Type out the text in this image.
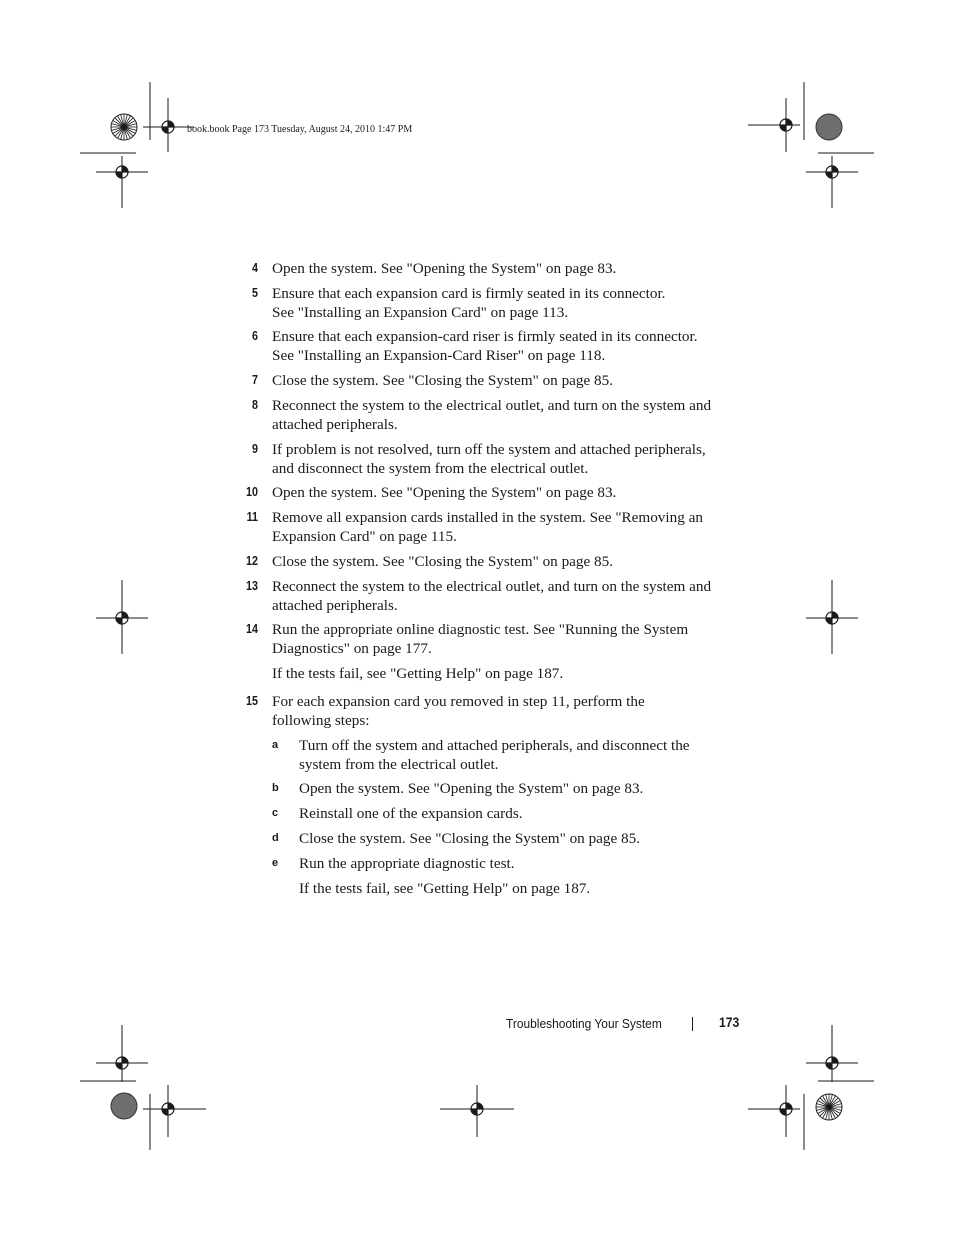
book.book Page 173 Tuesday, August 24, 2010 1:47 PM
4 Open the system. See "Opening the System" on page 83.
5 Ensure that each expansion card is firmly seated in its connector.
See "Installing an Expansion Card" on page 113.
6 Ensure that each expansion-card riser is firmly seated in its connector.
See "Installing an Expansion-Card Riser" on page 118.
7 Close the system. See "Closing the System" on page 85.
8 Reconnect the system to the electrical outlet, and turn on the system and
attached peripherals.
9 If problem is not resolved, turn off the system and attached peripherals,
and disconnect the system from the electrical outlet.
10 Open the system. See "Opening the System" on page 83.
11 Remove all expansion cards installed in the system. See "Removing an
Expansion Card" on page 115.
12 Close the system. See "Closing the System" on page 85.
13 Reconnect the system to the electrical outlet, and turn on the system and
attached peripherals.
14 Run the appropriate online diagnostic test. See "Running the System
Diagnostics" on page 177.
If the tests fail, see "Getting Help" on page 187.
15 For each expansion card you removed in step 11, perform the
following steps:
a Turn off the system and attached peripherals, and disconnect the
system from the electrical outlet.
b Open the system. See "Opening the System" on page 83.
c Reinstall one of the expansion cards.
d Close the system. See "Closing the System" on page 85.
e Run the appropriate diagnostic test.
If the tests fail, see "Getting Help" on page 187.
Troubleshooting Your System	173
